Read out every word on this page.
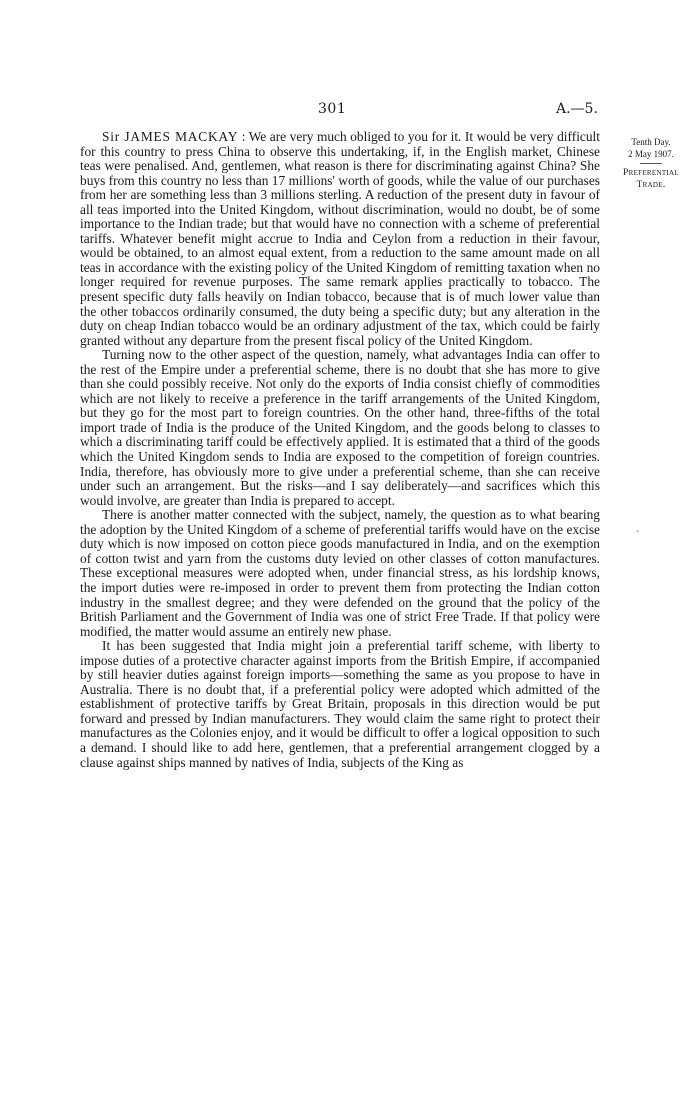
301	A.—5.
Tenth Day.
2 May 1907.
Preferential
Trade.

Sir JAMES MACKAY : We are very much obliged to you for it. It would be very difficult for this country to press China to observe this undertaking, if, in the English market, Chinese teas were penalised. And, gentlemen, what reason is there for discriminating against China? She buys from this country no less than 17 millions' worth of goods, while the value of our purchases from her are something less than 3 millions sterling. A reduction of the present duty in favour of all teas imported into the United Kingdom, without discrimination, would no doubt, be of some importance to the Indian trade; but that would have no connection with a scheme of preferential tariffs. Whatever benefit might accrue to India and Ceylon from a reduction in their favour, would be obtained, to an almost equal extent, from a reduction to the same amount made on all teas in accordance with the existing policy of the United Kingdom of remitting taxation when no longer required for revenue purposes. The same remark applies practically to tobacco. The present specific duty falls heavily on Indian tobacco, because that is of much lower value than the other tobaccos ordinarily consumed, the duty being a specific duty; but any alteration in the duty on cheap Indian tobacco would be an ordinary adjustment of the tax, which could be fairly granted without any departure from the present fiscal policy of the United Kingdom.

Turning now to the other aspect of the question, namely, what advantages India can offer to the rest of the Empire under a preferential scheme, there is no doubt that she has more to give than she could possibly receive. Not only do the exports of India consist chiefly of commodities which are not likely to receive a preference in the tariff arrangements of the United Kingdom, but they go for the most part to foreign countries. On the other hand, three-fifths of the total import trade of India is the produce of the United Kingdom, and the goods belong to classes to which a discriminating tariff could be effectively applied. It is estimated that a third of the goods which the United Kingdom sends to India are exposed to the competition of foreign countries. India, therefore, has obviously more to give under a preferential scheme, than she can receive under such an arrangement. But the risks—and I say deliberately—and sacrifices which this would involve, are greater than India is prepared to accept.

There is another matter connected with the subject, namely, the question as to what bearing the adoption by the United Kingdom of a scheme of preferential tariffs would have on the excise duty which is now imposed on cotton piece goods manufactured in India, and on the exemption of cotton twist and yarn from the customs duty levied on other classes of cotton manufactures. These exceptional measures were adopted when, under financial stress, as his lordship knows, the import duties were re-imposed in order to prevent them from protecting the Indian cotton industry in the smallest degree; and they were defended on the ground that the policy of the British Parliament and the Government of India was one of strict Free Trade. If that policy were modified, the matter would assume an entirely new phase.

It has been suggested that India might join a preferential tariff scheme, with liberty to impose duties of a protective character against imports from the British Empire, if accompanied by still heavier duties against foreign imports—something the same as you propose to have in Australia. There is no doubt that, if a preferential policy were adopted which admitted of the establishment of protective tariffs by Great Britain, proposals in this direction would be put forward and pressed by Indian manufacturers. They would claim the same right to protect their manufactures as the Colonies enjoy, and it would be difficult to offer a logical opposition to such a demand. I should like to add here, gentlemen, that a preferential arrangement clogged by a clause against ships manned by natives of India, subjects of the King as

-
